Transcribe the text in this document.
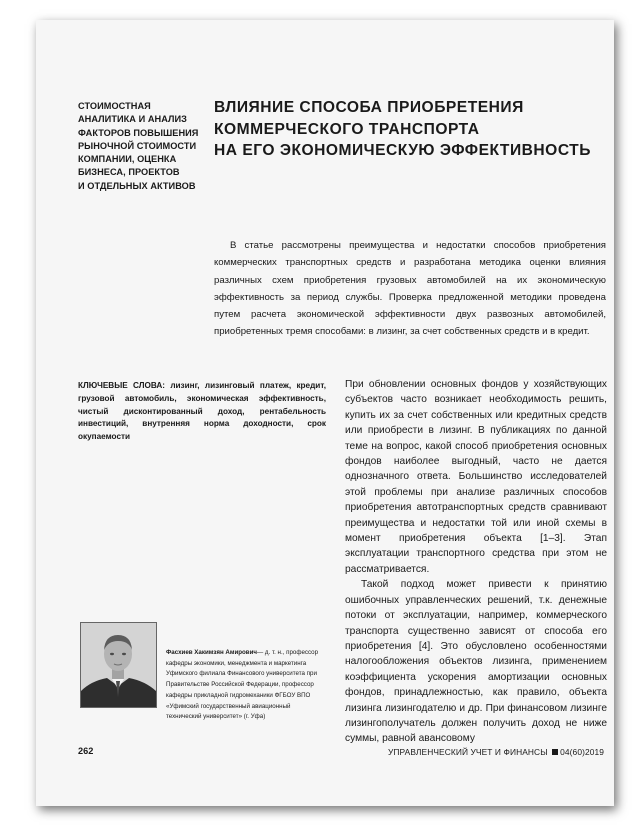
СТОИМОСТНАЯ
АНАЛИТИКА И АНАЛИЗ
ФАКТОРОВ ПОВЫШЕНИЯ
РЫНОЧНОЙ СТОИМОСТИ
КОМПАНИИ, ОЦЕНКА
БИЗНЕСА, ПРОЕКТОВ
И ОТДЕЛЬНЫХ АКТИВОВ
ВЛИЯНИЕ СПОСОБА ПРИОБРЕТЕНИЯ
КОММЕРЧЕСКОГО ТРАНСПОРТА
НА ЕГО ЭКОНОМИЧЕСКУЮ ЭФФЕКТИВНОСТЬ

В статье рассмотрены преимущества и недостатки способов приобретения коммерческих транспортных средств и разработана методика оценки влияния различных схем приобретения грузовых автомобилей на их экономическую эффективность за период службы. Проверка предложенной методики проведена путем расчета экономической эффективности двух развозных автомобилей, приобретенных тремя способами: в лизинг, за счет собственных средств и в кредит.

КЛЮЧЕВЫЕ СЛОВА: лизинг, лизинговый платеж, кредит, грузовой автомобиль, экономическая эффективность, чистый дисконтированный доход, рентабельность инвестиций, внутренняя норма доходности, срок окупаемости

При обновлении основных фондов у хозяйствующих субъектов часто возникает необходимость решить, купить их за счет собственных или кредитных средств или приобрести в лизинг. В публикациях по данной теме на вопрос, какой способ приобретения основных фондов наиболее выгодный, часто не дается однозначного ответа. Большинство исследователей этой проблемы при анализе различных способов приобретения автотранспортных средств сравнивают преимущества и недостатки той или иной схемы в момент приобретения объекта [1–3]. Этап эксплуатации транспортного средства при этом не рассматривается.

Такой подход может привести к принятию ошибочных управленческих решений, т.к. денежные потоки от эксплуатации, например, коммерческого транспорта существенно зависят от способа его приобретения [4]. Это обусловлено особенностями налогообложения объектов лизинга, применением коэффициента ускорения амортизации основных фондов, принадлежностью, как правило, объекта лизинга лизингодателю и др. При финансовом лизинге лизингополучатель должен получить доход не ниже суммы, равной авансовому

Фасхиев Хакимзян Амирович— д. т. н., профессор кафедры экономики, менеджмента и маркетинга Уфимского филиала Финансового университета при Правительстве Российской Федерации, профессор кафедры прикладной гидромеханики ФГБОУ ВПО «Уфимский государственный авиационный технический университет» (г. Уфа)
262	УПРАВЛЕНЧЕСКИЙ УЧЕТ И ФИНАНСЫ 04(60)2019
